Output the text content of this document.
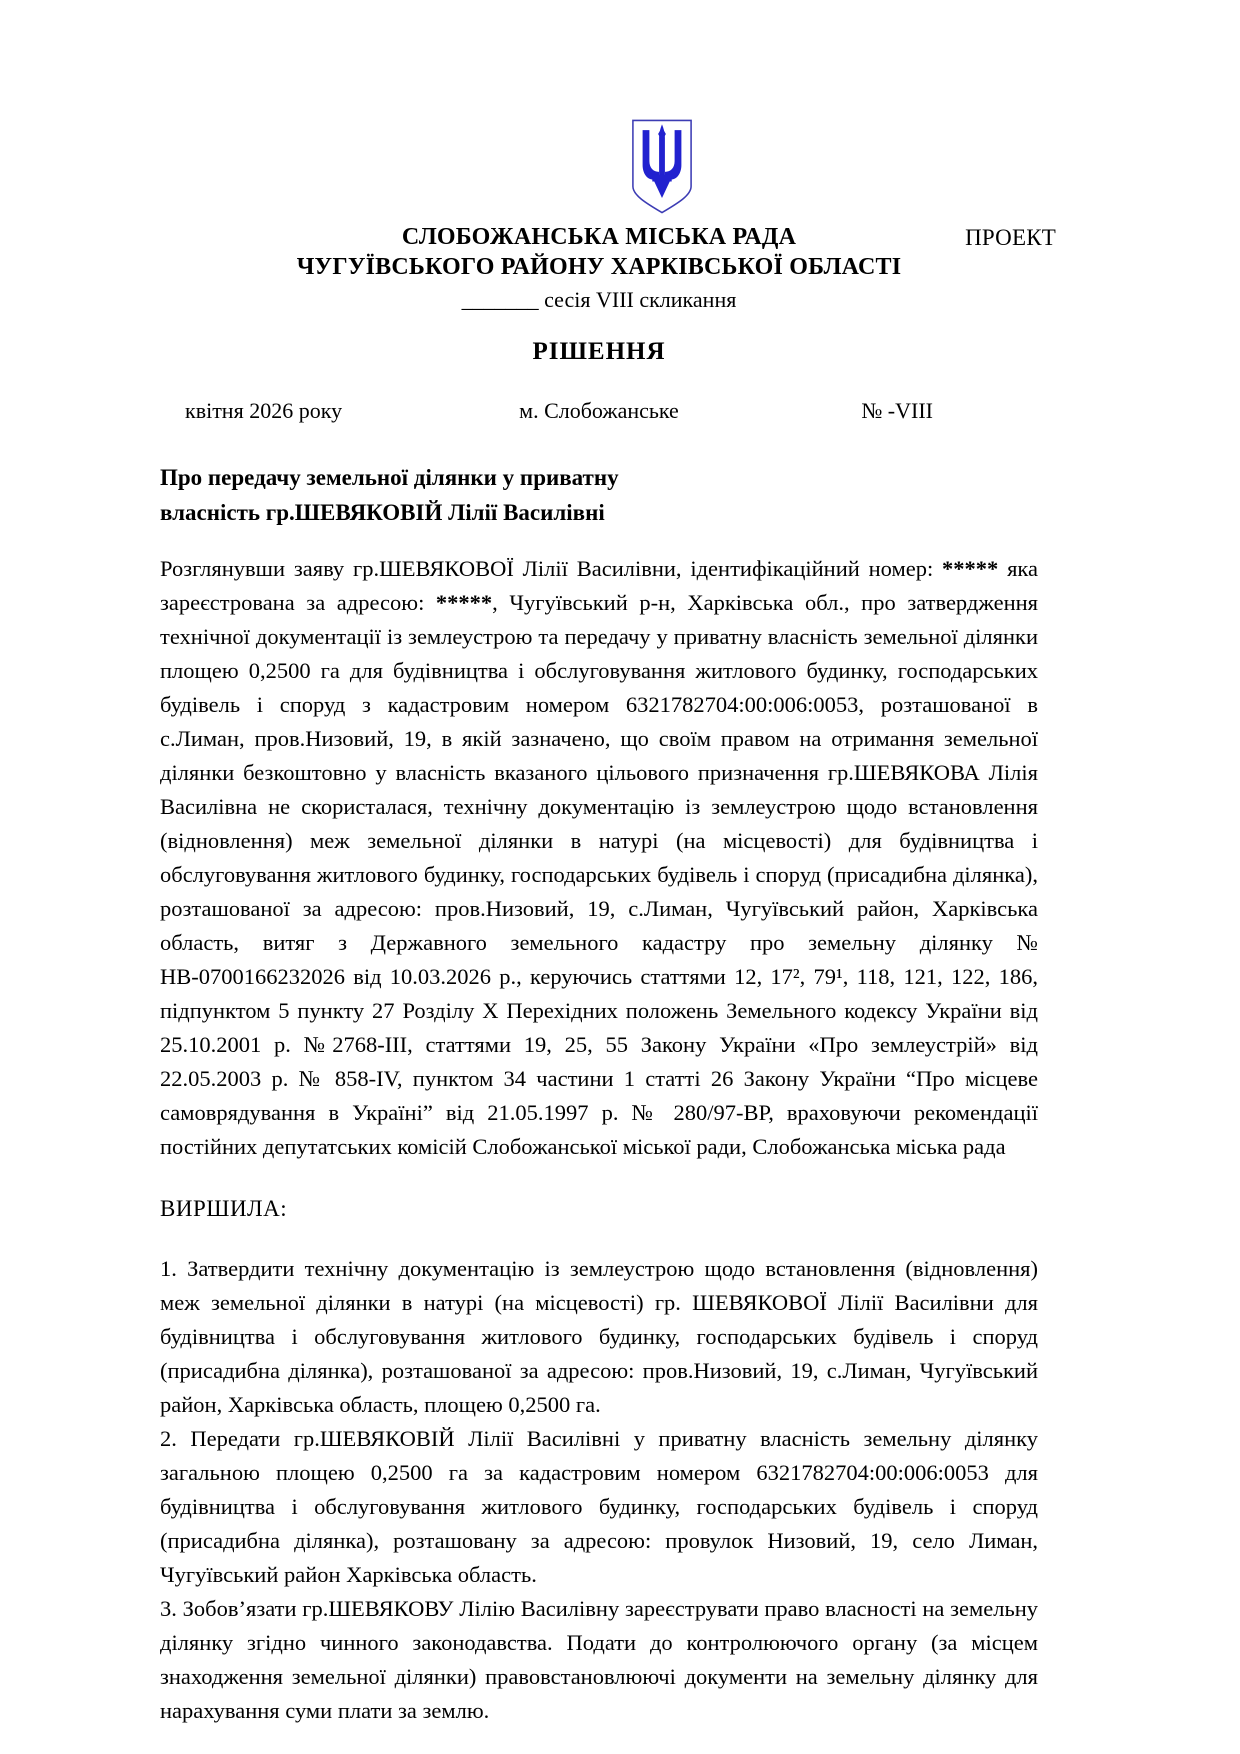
СЛОБОЖАНСЬКА МІСЬКА РАДА	ПРОЕКТ
ЧУГУЇВСЬКОГО РАЙОНУ ХАРКІВСЬКОЇ ОБЛАСТІ
_______ сесія VIII скликання
РІШЕННЯ
квітня 2026 року	м. Слобожанське	№ -VIII
Про передачу земельної ділянки у приватну
власність гр.ШЕВЯКОВІЙ Лілії Василівні

Розглянувши заяву гр.ШЕВЯКОВОЇ Лілії Василівни, ідентифікаційний номер: ***** яка зареєстрована за адресою: *****, Чугуївський р-н, Харківська обл., про затвердження технічної документації із землеустрою та передачу у приватну власність земельної ділянки площею 0,2500 га для будівництва і обслуговування житлового будинку, господарських будівель і споруд з кадастровим номером 6321782704:00:006:0053, розташованої в с.Лиман, пров.Низовий, 19, в якій зазначено, що своїм правом на отримання земельної ділянки безкоштовно у власність вказаного цільового призначення гр.ШЕВЯКОВА Лілія Василівна не скористалася, технічну документацію із землеустрою щодо встановлення (відновлення) меж земельної ділянки в натурі (на місцевості) для будівництва і обслуговування житлового будинку, господарських будівель і споруд (присадибна ділянка), розташованої за адресою: пров.Низовий, 19, с.Лиман, Чугуївський район, Харківська область, витяг з Державного земельного кадастру про земельну ділянку № НВ-0700166232026 від 10.03.2026 р., керуючись статтями 12, 17², 79¹, 118, 121, 122, 186, підпунктом 5 пункту 27 Розділу X Перехідних положень Земельного кодексу України від 25.10.2001 р. №2768-ІІІ, статтями 19, 25, 55 Закону України «Про землеустрій» від 22.05.2003 р. № 858-IV, пунктом 34 частини 1 статті 26 Закону України “Про місцеве самоврядування в Україні” від 21.05.1997 р. № 280/97-ВР, враховуючи рекомендації постійних депутатських комісій Слобожанської міської ради, Слобожанська міська рада

ВИРШИЛА:

1. Затвердити технічну документацію із землеустрою щодо встановлення (відновлення) меж земельної ділянки в натурі (на місцевості) гр. ШЕВЯКОВОЇ Лілії Василівни для будівництва і обслуговування житлового будинку, господарських будівель і споруд (присадибна ділянка), розташованої за адресою: пров.Низовий, 19, с.Лиман, Чугуївський район, Харківська область, площею 0,2500 га.

2. Передати гр.ШЕВЯКОВІЙ Лілії Василівні у приватну власність земельну ділянку загальною площею 0,2500 га за кадастровим номером 6321782704:00:006:0053 для будівництва і обслуговування житлового будинку, господарських будівель і споруд (присадибна ділянка), розташовану за адресою: провулок Низовий, 19, село Лиман, Чугуївський район Харківська область.

3. Зобов’язати гр.ШЕВЯКОВУ Лілію Василівну зареєструвати право власності на земельну ділянку згідно чинного законодавства. Подати до контролюючого органу (за місцем знаходження земельної ділянки) правовстановлюючі документи на земельну ділянку для нарахування суми плати за землю.
